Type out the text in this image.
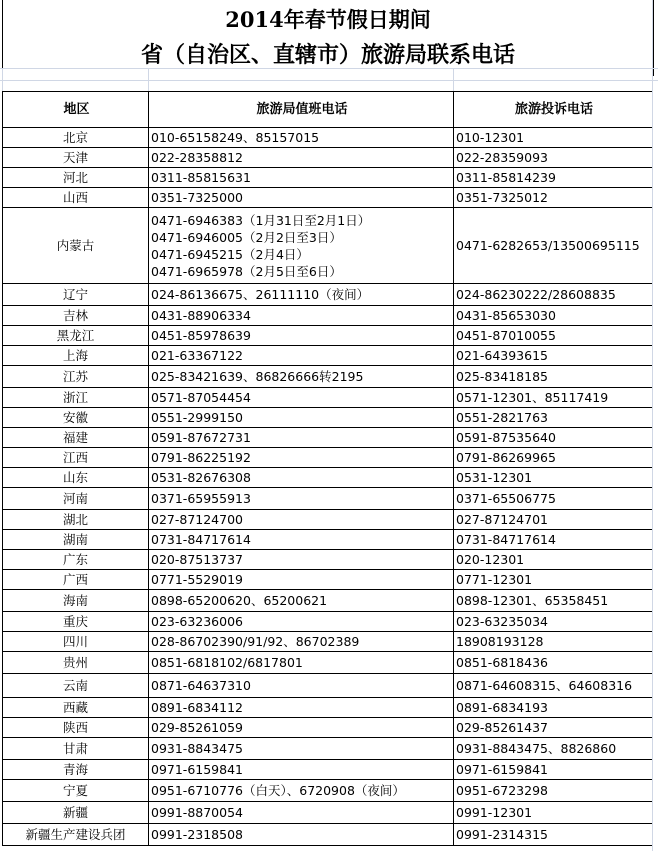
2014年春节假日期间
省（自治区、直辖市）旅游局联系电话
地区	旅游局值班电话	旅游投诉电话
北京	010-65158249、85157015	010-12301
天津	022-28358812	022-28359093
河北	0311-85815631	0311-85814239
山西	0351-7325000	0351-7325012
内蒙古	0471-6946383（1月31日至2月1日）
0471-6946005（2月2日至3日）
0471-6945215（2月4日）
0471-6965978（2月5日至6日）	0471-6282653/13500695115
辽宁	024-86136675、26111110（夜间）	024-86230222/28608835
吉林	0431-88906334	0431-85653030
黑龙江	0451-85978639	0451-87010055
上海	021-63367122	021-64393615
江苏	025-83421639、86826666转2195	025-83418185
浙江	0571-87054454	0571-12301、85117419
安徽	0551-2999150	0551-2821763
福建	0591-87672731	0591-87535640
江西	0791-86225192	0791-86269965
山东	0531-82676308	0531-12301
河南	0371-65955913	0371-65506775
湖北	027-87124700	027-87124701
湖南	0731-84717614	0731-84717614
广东	020-87513737	020-12301
广西	0771-5529019	0771-12301
海南	0898-65200620、65200621	0898-12301、65358451
重庆	023-63236006	023-63235034
四川	028-86702390/91/92、86702389	18908193128
贵州	0851-6818102/6817801	0851-6818436
云南	0871-64637310	0871-64608315、64608316
西藏	0891-6834112	0891-6834193
陕西	029-85261059	029-85261437
甘肃	0931-8843475	0931-8843475、8826860
青海	0971-6159841	0971-6159841
宁夏	0951-6710776（白天）、6720908（夜间）	0951-6723298
新疆	0991-8870054	0991-12301
新疆生产建设兵团	0991-2318508	0991-2314315
